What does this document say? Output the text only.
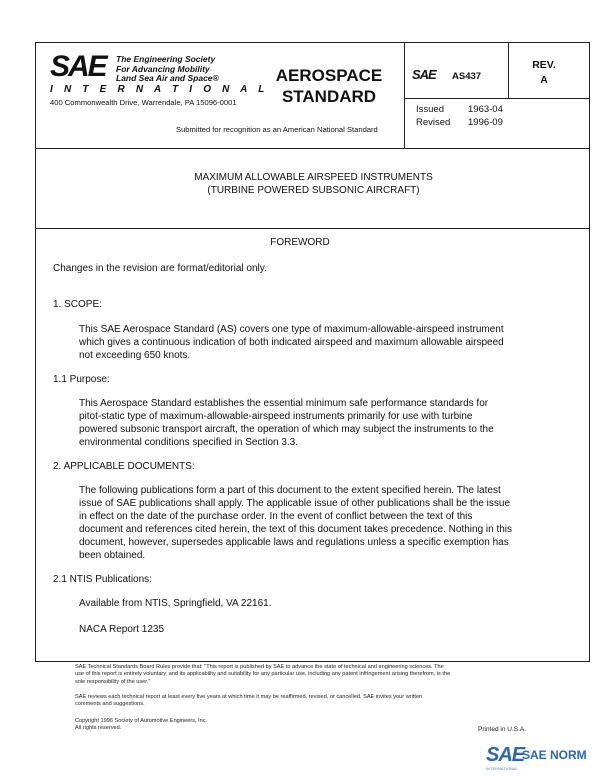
SAE The Engineering Society
For Advancing Mobility
Land Sea Air and Space®
I N T E R N A T I O N A L
400 Commonwealth Drive, Warrendale, PA 15096-0001
AEROSPACE
STANDARD
Submitted for recognition as an American National Standard
SAE AS437
REV.
A
Issued	1963-04
Revised 1996-09
MAXIMUM ALLOWABLE AIRSPEED INSTRUMENTS
(TURBINE POWERED SUBSONIC AIRCRAFT)
FOREWORD
Changes in the revision are format/editorial only.
1. SCOPE:
This SAE Aerospace Standard (AS) covers one type of maximum-allowable-airspeed instrument
which gives a continuous indication of both indicated airspeed and maximum allowable airspeed
not exceeding 650 knots.
1.1 Purpose:
This Aerospace Standard establishes the essential minimum safe performance standards for
pitot-static type of maximum-allowable-airspeed instruments primarily for use with turbine
powered subsonic transport aircraft, the operation of which may subject the instruments to the
environmental conditions specified in Section 3.3.
2. APPLICABLE DOCUMENTS:
The following publications form a part of this document to the extent specified herein. The latest
issue of SAE publications shall apply. The applicable issue of other publications shall be the issue
in effect on the date of the purchase order. In the event of conflict between the text of this
document and references cited herein, the text of this document takes precedence. Nothing in this
document, however, supersedes applicable laws and regulations unless a specific exemption has
been obtained.
2.1 NTIS Publications:
Available from NTIS, Springfield, VA 22161.
NACA Report 1235
SAE Technical Standards Board Rules provide that: "This report is published by SAE to advance the state of technical and engineering sciences. The
use of this report is entirely voluntary, and its applicability and suitability for any particular use, including any patent infringement arising therefrom, is the
sole responsibility of the user."
SAE reviews each technical report at least every five years at which time it may be reaffirmed, revised, or cancelled. SAE invites your written
comments and suggestions.
Copyright 1996 Society of Automotive Engineers, Inc.
All rights reserved.	Printed in U.S.A.
SAE
SAE NORM
INTERNATIONAL
